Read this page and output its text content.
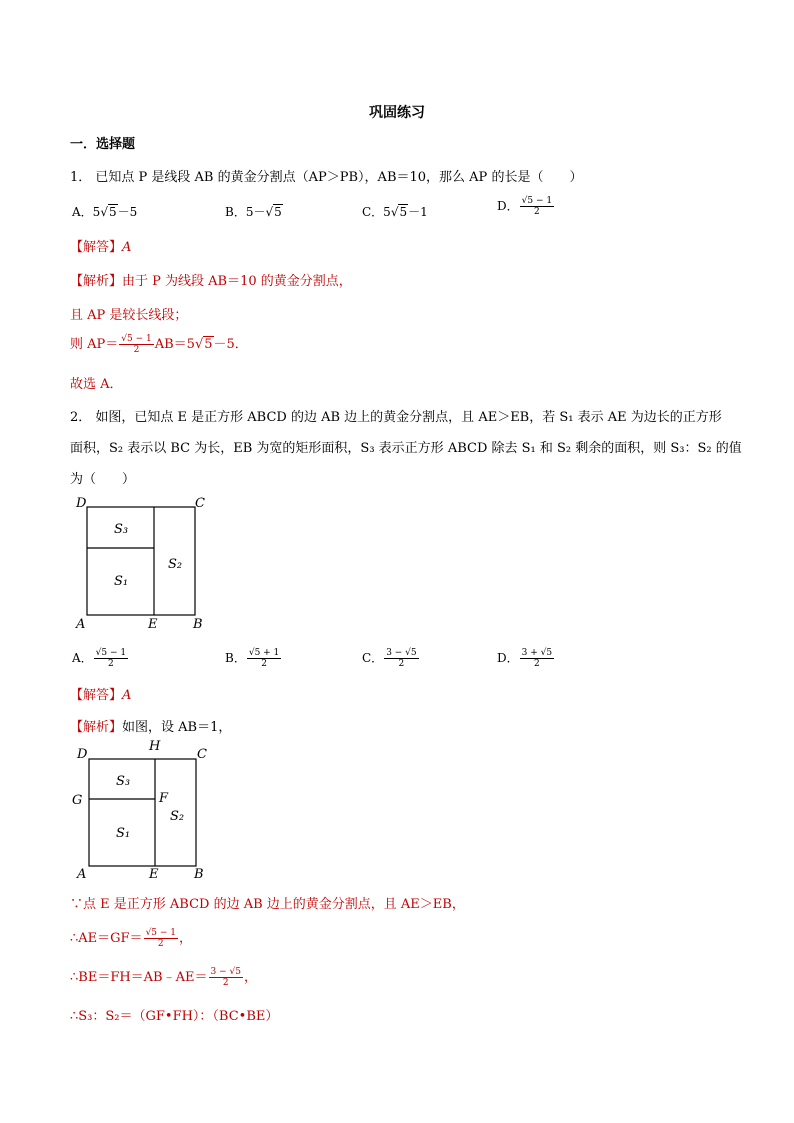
巩固练习
一．选择题
1． 已知点 P 是线段 AB 的黄金分割点（AP＞PB），AB＝10，那么 AP 的长是（　　）
A．5√5－5	B．5－√5	C．5√5－1	D． $\frac{√5 - 1}{2}$
【解答】A
【解析】由于 P 为线段 AB＝10 的黄金分割点，
且 AP 是较长线段；
则 $AP= \frac{√5 - 1}{2} AB=5√5-5$．
故选 A．
2． 如图，已知点 E 是正方形 ABCD 的边 AB 边上的黄金分割点，且 AE＞EB，若 S₁ 表示 AE 为边长的正方形
面积，S₂ 表示以 BC 为长，EB 为宽的矩形面积，S₃ 表示正方形 ABCD 除去 S₁ 和 S₂ 剩余的面积，则 S₃：S₂ 的值
为（　　）
D	C
A	E	B
S₃
S₁
S₂
A． $\frac{√5 - 1}{2}$	B． $\frac{√5 + 1}{2}$	C． $\frac{3 - √5}{2}$	D． $\frac{3 + √5}{2}$
【解答】A
【解析】如图，设 AB＝1，
D
H
C
G	F
A	E	B
S₃
S₁
S₂
∵点 E 是正方形 ABCD 的边 AB 边上的黄金分割点，且 AE＞EB，
∴AE＝GF＝ $\frac{√5 - 1}{2}$ ，
∴BE＝FH＝AB﹣AE＝ $\frac{3 - √5}{2}$ ，
∴S₃：S₂＝（GF•FH）：（BC•BE）
